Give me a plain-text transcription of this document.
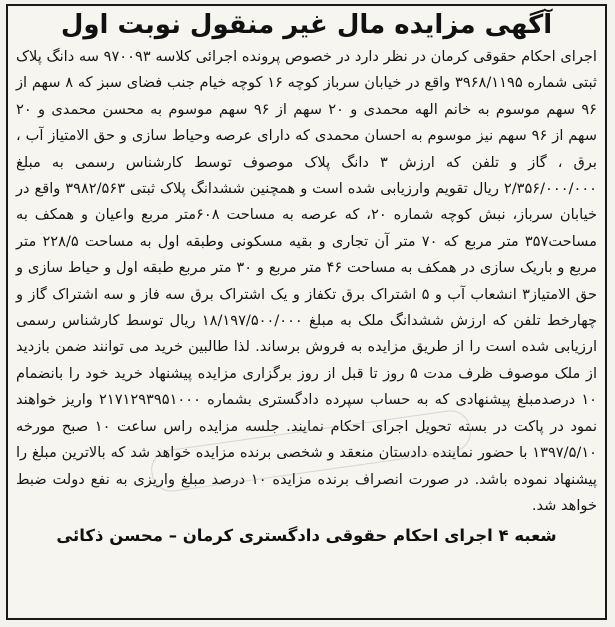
آگهی مزایده مال غیر منقول نوبت اول

اجرای احکام حقوقی کرمان در نظر دارد در خصوص پرونده اجرائی کلاسه ۹۷۰۰۹۳ سه دانگ پلاک ثبتی شماره ۳۹۶۸/۱۱۹۵ واقع در خیابان سرباز کوچه ۱۶ کوچه خیام جنب فضای سبز که ۸ سهم از ۹۶ سهم موسوم به خانم الهه محمدی و ۲۰ سهم از ۹۶ سهم موسوم به محسن محمدی و ۲۰ سهم از ۹۶ سهم نیز موسوم به احسان محمدی که دارای عرصه وحیاط سازی و حق الامتیاز آب ، برق ، گاز و تلفن که ارزش ۳ دانگ پلاک موصوف توسط کارشناس رسمی به مبلغ ۲/۳۵۶/۰۰۰/۰۰۰ ریال تقویم وارزیابی شده است و همچنین ششدانگ پلاک ثبتی ۳۹۸۲/۵۶۳ واقع در خیابان سرباز، نبش کوچه شماره ۲۰، که عرصه به مساحت ۶۰۸متر مربع واعیان و همکف به مساحت۳۵۷ متر مربع که ۷۰ متر آن تجاری و بقیه مسکونی وطبقه اول به مساحت ۲۲۸/۵ متر مربع و باریک سازی در همکف به مساحت ۴۶ متر مربع و ۳۰ متر مربع طبقه اول و حیاط سازی و حق الامتیاز۳ انشعاب آب و ۵ اشتراک برق تکفاز و یک اشتراک برق سه فاز و سه اشتراک گاز و چهارخط تلفن که ارزش ششدانگ ملک به مبلغ ۱۸/۱۹۷/۵۰۰/۰۰۰ ریال توسط کارشناس رسمی ارزیابی شده است را از طریق مزایده به فروش برساند. لذا طالبین خرید می توانند ضمن بازدید از ملک موصوف ظرف مدت ۵ روز تا قبل از روز برگزاری مزایده پیشنهاد خرید خود را بانضمام ۱۰ درصدمبلغ پیشنهادی که به حساب سپرده دادگستری بشماره ۲۱۷۱۲۹۳۹۵۱۰۰۰ واریز خواهند نمود در پاکت در بسته تحویل اجرای احکام نمایند. جلسه مزایده راس ساعت ۱۰ صبح مورخه ۱۳۹۷/۵/۱۰ با حضور نماینده دادستان منعقد و شخصی برنده مزایده خواهد شد که بالاترین مبلغ را پیشنهاد نموده باشد. در صورت انصراف برنده مزایده ۱۰ درصد مبلغ واریزی به نفع دولت ضبط خواهد شد.

شعبه ۴ اجرای احکام حقوقی دادگستری کرمان – محسن ذکائی
